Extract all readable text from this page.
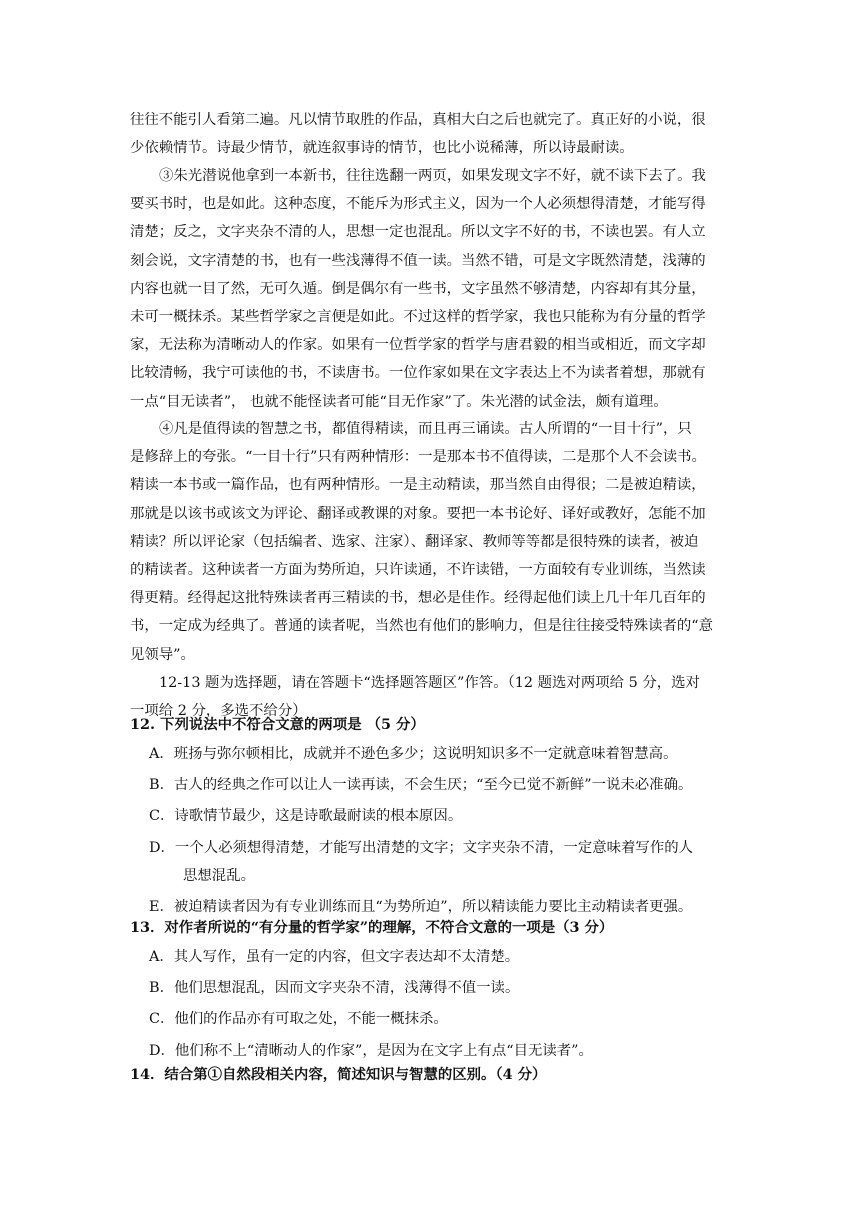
往往不能引人看第二遍。凡以情节取胜的作品，真相大白之后也就完了。真正好的小说，很

少依赖情节。诗最少情节，就连叙事诗的情节，也比小说稀薄，所以诗最耐读。

③朱光潜说他拿到一本新书，往往选翻一两页，如果发现文字不好，就不读下去了。我

要买书时，也是如此。这种态度，不能斥为形式主义，因为一个人必须想得清楚，才能写得

清楚；反之，文字夹杂不清的人，思想一定也混乱。所以文字不好的书，不读也罢。有人立

刻会说，文字清楚的书，也有一些浅薄得不值一读。当然不错，可是文字既然清楚，浅薄的

内容也就一目了然，无可久遁。倒是偶尔有一些书，文字虽然不够清楚，内容却有其分量，

未可一概抹杀。某些哲学家之言便是如此。不过这样的哲学家，我也只能称为有分量的哲学

家，无法称为清晰动人的作家。如果有一位哲学家的哲学与唐君毅的相当或相近，而文字却

比较清畅，我宁可读他的书，不读唐书。一位作家如果在文字表达上不为读者着想，那就有

一点“目无读者”， 也就不能怪读者可能“目无作家”了。朱光潜的试金法，颇有道理。

④凡是值得读的智慧之书，都值得精读，而且再三诵读。古人所谓的“一目十行”，只

是修辞上的夸张。“一目十行”只有两种情形：一是那本书不值得读，二是那个人不会读书。

精读一本书或一篇作品，也有两种情形。一是主动精读，那当然自由得很；二是被迫精读，

那就是以该书或该文为评论、翻译或教课的对象。要把一本书论好、译好或教好，怎能不加

精读？所以评论家（包括编者、选家、注家）、翻译家、教师等等都是很特殊的读者，被迫

的精读者。这种读者一方面为势所迫，只许读通，不许读错，一方面较有专业训练，当然读

得更精。经得起这批特殊读者再三精读的书，想必是佳作。经得起他们读上几十年几百年的

书，一定成为经典了。普通的读者呢，当然也有他们的影响力，但是往往接受特殊读者的“意

见领导”。

12-13 题为选择题，请在答题卡“选择题答题区”作答。（12 题选对两项给 5 分，选对

一项给 2 分，多选不给分）

12. 下列说法中不符合文意的两项是 （5 分）
A．班扬与弥尔顿相比，成就并不逊色多少；这说明知识多不一定就意味着智慧高。
B．古人的经典之作可以让人一读再读，不会生厌；“至今已觉不新鲜”一说未必准确。
C．诗歌情节最少，这是诗歌最耐读的根本原因。
D．一个人必须想得清楚，才能写出清楚的文字；文字夹杂不清，一定意味着写作的人
思想混乱。
E．被迫精读者因为有专业训练而且“为势所迫”，所以精读能力要比主动精读者更强。
13．对作者所说的“有分量的哲学家”的理解，不符合文意的一项是（3 分）
A．其人写作，虽有一定的内容，但文字表达却不太清楚。
B．他们思想混乱，因而文字夹杂不清，浅薄得不值一读。
C．他们的作品亦有可取之处，不能一概抹杀。
D．他们称不上“清晰动人的作家”，是因为在文字上有点“目无读者”。
14．结合第①自然段相关内容，简述知识与智慧的区别。（4 分）
